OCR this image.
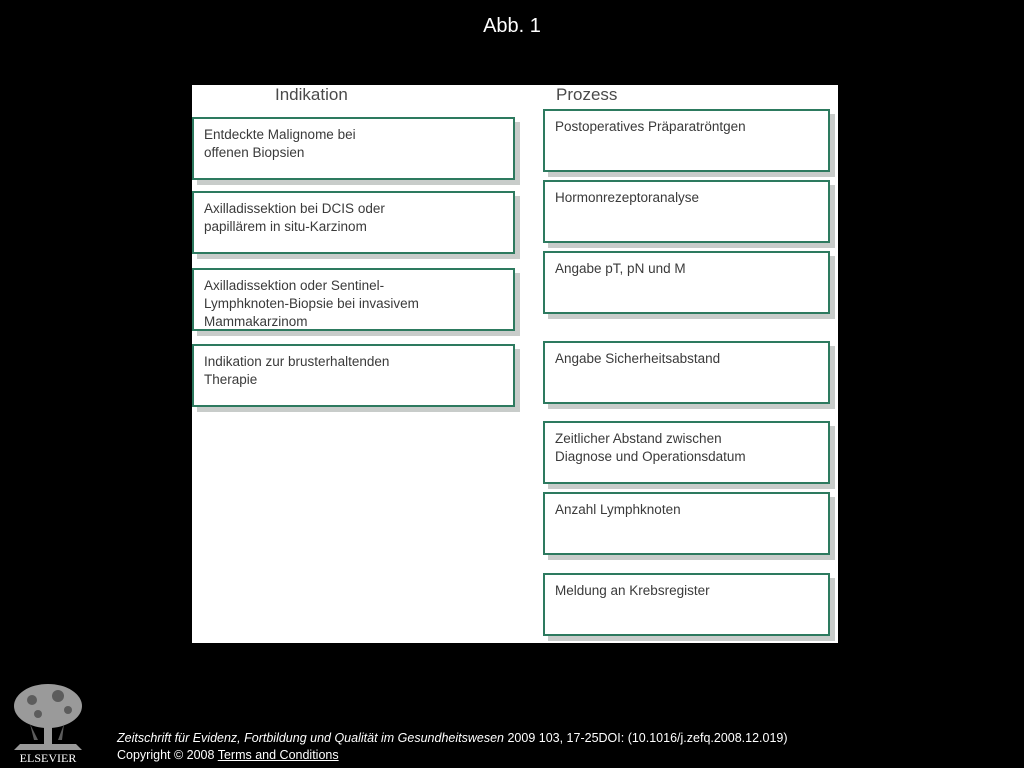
Abb. 1
Indikation	Prozess
Entdeckte Malignome bei
offenen Biopsien
Axilladissektion bei DCIS oder
papillärem in situ-Karzinom
Axilladissektion oder Sentinel-
Lymphknoten-Biopsie bei invasivem
Mammakarzinom
Indikation zur brusterhaltenden
Therapie
Postoperatives Präparatröntgen
Hormonrezeptoranalyse
Angabe pT, pN und M
Angabe Sicherheitsabstand
Zeitlicher Abstand zwischen
Diagnose und Operationsdatum
Anzahl Lymphknoten
Meldung an Krebsregister
ELSEVIER
Zeitschrift für Evidenz, Fortbildung und Qualität im Gesundheitswesen 2009 103, 17-25DOI: (10.1016/j.zefq.2008.12.019)
Copyright © 2008 Terms and Conditions
